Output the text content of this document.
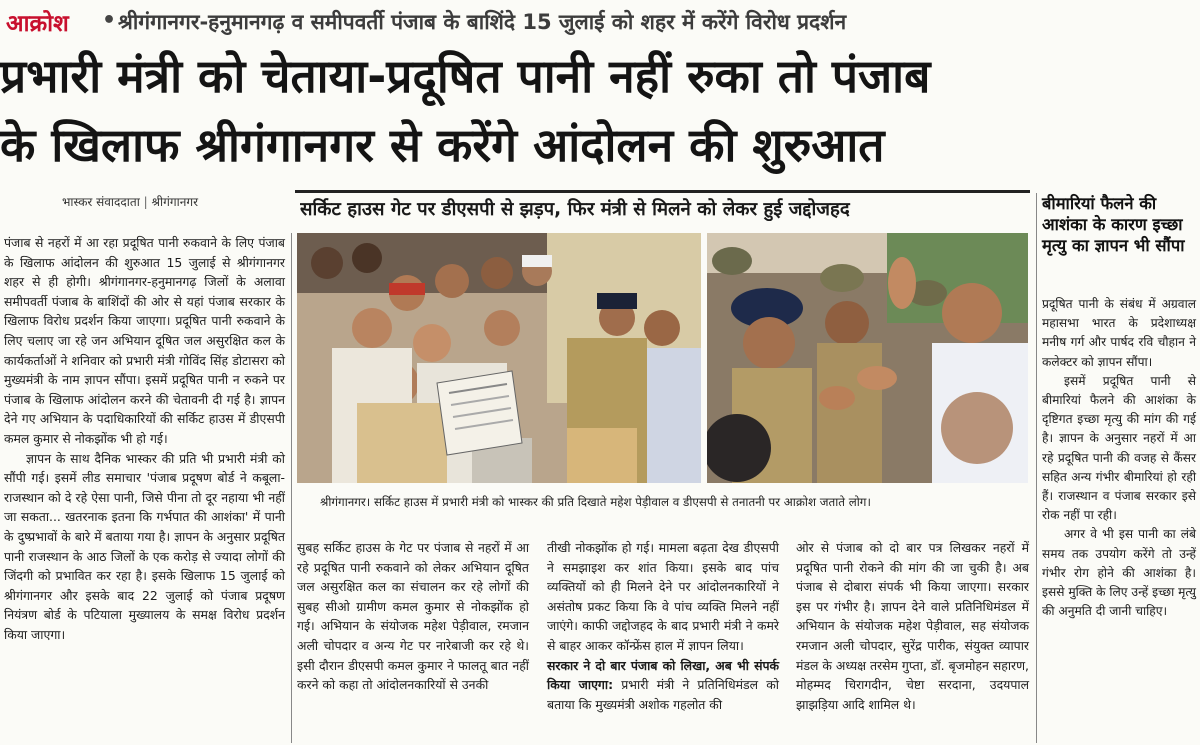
आक्रोश • श्रीगंगानगर-हनुमानगढ़ व समीपवर्ती पंजाब के बाशिंदे 15 जुलाई को शहर में करेंगे विरोध प्रदर्शन
प्रभारी मंत्री को चेताया-प्रदूषित पानी नहीं रुका तो पंजाब
के खिलाफ श्रीगंगानगर से करेंगे आंदोलन की शुरुआत
भास्कर संवाददाता | श्रीगंगानगर	सर्किट हाउस गेट पर डीएसपी से झड़प, फिर मंत्री से मिलने को लेकर हुई जद्दोजहद
श्रीगंगानगर। सर्किट हाउस में प्रभारी मंत्री को भास्कर की प्रति दिखाते महेश पेड़ीवाल व डीएसपी से तनातनी पर आक्रोश जताते लोग।

पंजाब से नहरों में आ रहा प्रदूषित पानी रुकवाने के लिए पंजाब के खिलाफ आंदोलन की शुरुआत 15 जुलाई से श्रीगंगानगर शहर से ही होगी। श्रीगंगानगर-हनुमानगढ़ जिलों के अलावा समीपवर्ती पंजाब के बाशिंदों की ओर से यहां पंजाब सरकार के खिलाफ विरोध प्रदर्शन किया जाएगा। प्रदूषित पानी रुकवाने के लिए चलाए जा रहे जन अभियान दूषित जल असुरक्षित कल के कार्यकर्ताओं ने शनिवार को प्रभारी मंत्री गोविंद सिंह डोटासरा को मुख्यमंत्री के नाम ज्ञापन सौंपा। इसमें प्रदूषित पानी न रुकने पर पंजाब के खिलाफ आंदोलन करने की चेतावनी दी गई है। ज्ञापन देने गए अभियान के पदाधिकारियों की सर्किट हाउस में डीएसपी कमल कुमार से नोकझोंक भी हो गई।

ज्ञापन के साथ दैनिक भास्कर की प्रति भी प्रभारी मंत्री को सौंपी गई। इसमें लीड समाचार 'पंजाब प्रदूषण बोर्ड ने कबूला-राजस्थान को दे रहे ऐसा पानी, जिसे पीना तो दूर नहाया भी नहीं जा सकता... खतरनाक इतना कि गर्भपात की आशंका' में पानी के दुष्प्रभावों के बारे में बताया गया है। ज्ञापन के अनुसार प्रदूषित पानी राजस्थान के आठ जिलों के एक करोड़ से ज्यादा लोगों की जिंदगी को प्रभावित कर रहा है। इसके खिलाफ 15 जुलाई को श्रीगंगानगर और इसके बाद 22 जुलाई को पंजाब प्रदूषण नियंत्रण बोर्ड के पटियाला मुख्यालय के समक्ष विरोध प्रदर्शन किया जाएगा।

सुबह सर्किट हाउस के गेट पर पंजाब से नहरों में आ रहे प्रदूषित पानी रुकवाने को लेकर अभियान दूषित जल असुरक्षित कल का संचालन कर रहे लोगों की सुबह सीओ ग्रामीण कमल कुमार से नोकझोंक हो गई। अभियान के संयोजक महेश पेड़ीवाल, रमजान अली चोपदार व अन्य गेट पर नारेबाजी कर रहे थे। इसी दौरान डीएसपी कमल कुमार ने फालतू बात नहीं करने को कहा तो आंदोलनकारियों से उनकी

तीखी नोकझोंक हो गई। मामला बढ़ता देख डीएसपी ने समझाइश कर शांत किया। इसके बाद पांच व्यक्तियों को ही मिलने देने पर आंदोलनकारियों ने असंतोष प्रकट किया कि वे पांच व्यक्ति मिलने नहीं जाएंगे। काफी जद्दोजहद के बाद प्रभारी मंत्री ने कमरे से बाहर आकर कॉन्फ्रेंस हाल में ज्ञापन लिया।

सरकार ने दो बार पंजाब को लिखा, अब भी संपर्क किया जाएगा: प्रभारी मंत्री ने प्रतिनिधिमंडल को बताया कि मुख्यमंत्री अशोक गहलोत की

ओर से पंजाब को दो बार पत्र लिखकर नहरों में प्रदूषित पानी रोकने की मांग की जा चुकी है। अब पंजाब से दोबारा संपर्क भी किया जाएगा। सरकार इस पर गंभीर है। ज्ञापन देने वाले प्रतिनिधिमंडल में अभियान के संयोजक महेश पेड़ीवाल, सह संयोजक रमजान अली चोपदार, सुरेंद्र पारीक, संयुक्त व्यापार मंडल के अध्यक्ष तरसेम गुप्ता, डॉ. बृजमोहन सहारण, मोहम्मद चिरागदीन, चेष्टा सरदाना, उदयपाल झाझड़िया आदि शामिल थे।

बीमारियां फैलने की आशंका के कारण इच्छा मृत्यु का ज्ञापन भी सौंपा

प्रदूषित पानी के संबंध में अग्रवाल महासभा भारत के प्रदेशाध्यक्ष मनीष गर्ग और पार्षद रवि चौहान ने कलेक्टर को ज्ञापन सौंपा।

इसमें प्रदूषित पानी से बीमारियां फैलने की आशंका के दृष्टिगत इच्छा मृत्यु की मांग की गई है। ज्ञापन के अनुसार नहरों में आ रहे प्रदूषित पानी की वजह से कैंसर सहित अन्य गंभीर बीमारियां हो रही हैं। राजस्थान व पंजाब सरकार इसे रोक नहीं पा रही।

अगर वे भी इस पानी का लंबे समय तक उपयोग करेंगे तो उन्हें गंभीर रोग होने की आशंका है। इससे मुक्ति के लिए उन्हें इच्छा मृत्यु की अनुमति दी जानी चाहिए।
